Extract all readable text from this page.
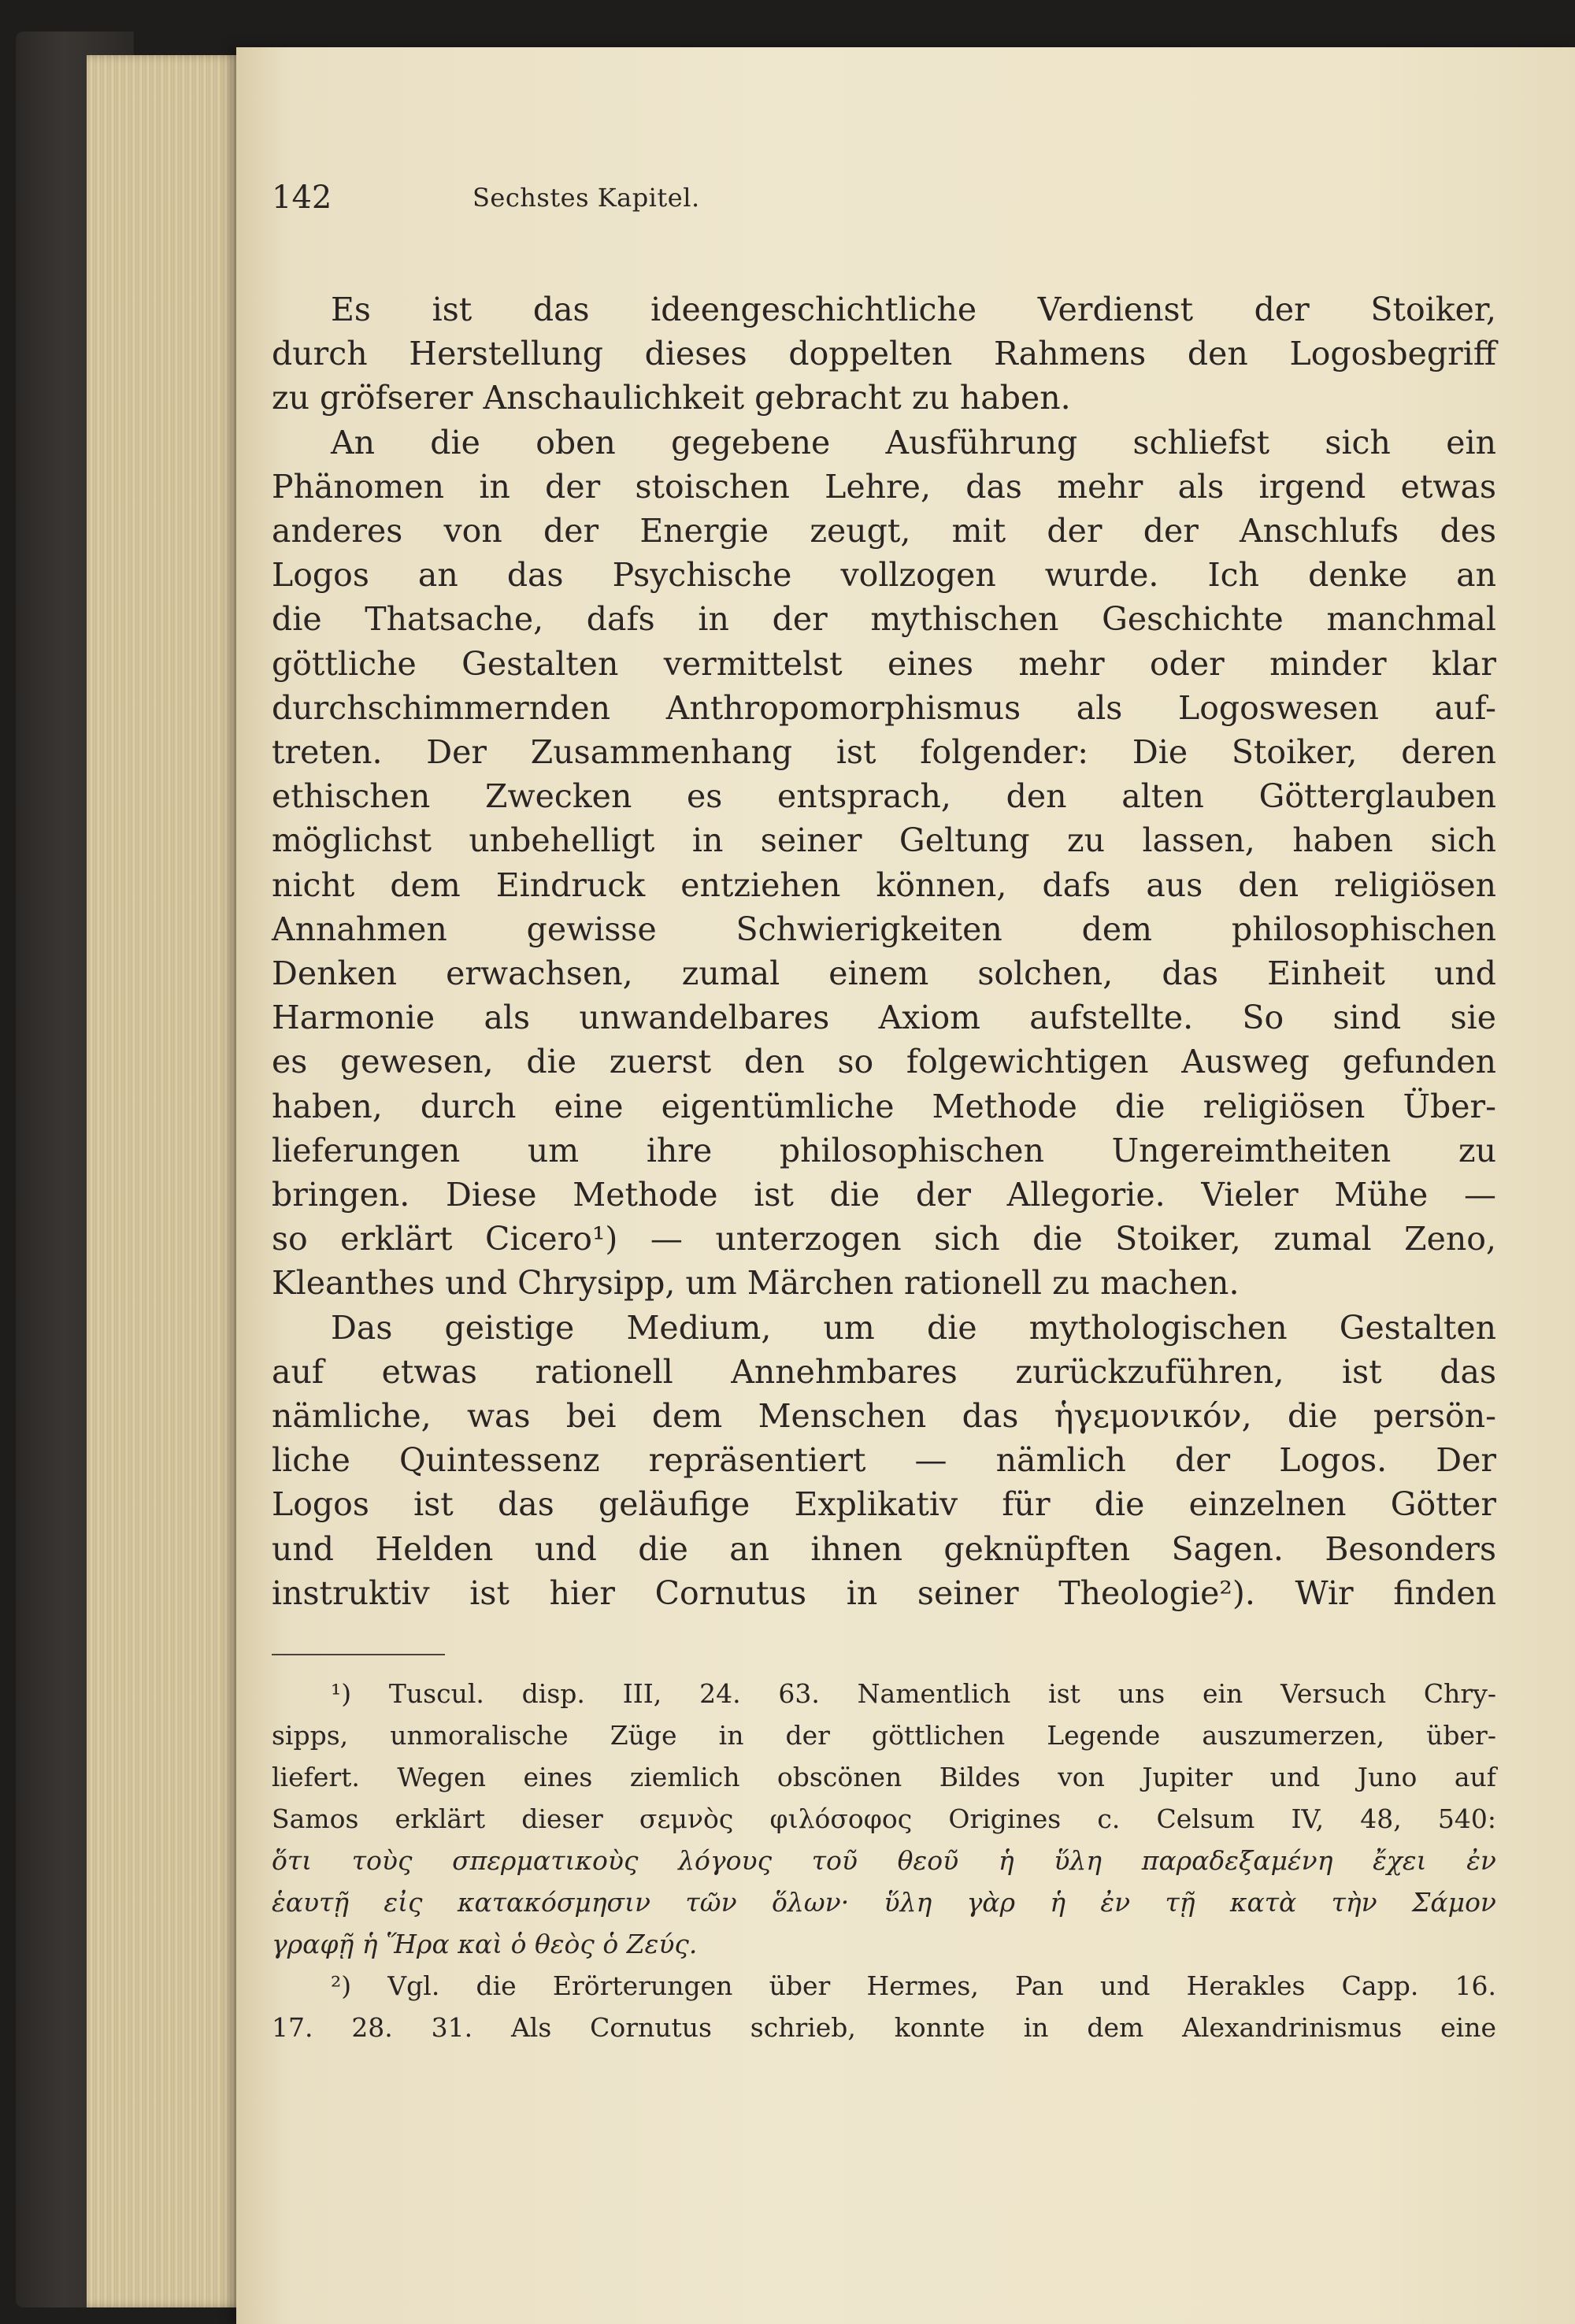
142	Sechstes Kapitel.
Es ist das ideengeschichtliche Verdienst der Stoiker,
durch Herstellung dieses doppelten Rahmens den Logosbegriff
zu gröfserer Anschaulichkeit gebracht zu haben.
An die oben gegebene Ausführung schliefst sich ein
Phänomen in der stoischen Lehre, das mehr als irgend etwas
anderes von der Energie zeugt, mit der der Anschlufs des
Logos an das Psychische vollzogen wurde. Ich denke an
die Thatsache, dafs in der mythischen Geschichte manchmal
göttliche Gestalten vermittelst eines mehr oder minder klar
durchschimmernden Anthropomorphismus als Logoswesen auf-
treten. Der Zusammenhang ist folgender: Die Stoiker, deren
ethischen Zwecken es entsprach, den alten Götterglauben
möglichst unbehelligt in seiner Geltung zu lassen, haben sich
nicht dem Eindruck entziehen können, dafs aus den religiösen
Annahmen gewisse Schwierigkeiten dem philosophischen
Denken erwachsen, zumal einem solchen, das Einheit und
Harmonie als unwandelbares Axiom aufstellte. So sind sie
es gewesen, die zuerst den so folgewichtigen Ausweg gefunden
haben, durch eine eigentümliche Methode die religiösen Über-
lieferungen um ihre philosophischen Ungereimtheiten zu
bringen. Diese Methode ist die der Allegorie. Vieler Mühe —
so erklärt Cicero¹) — unterzogen sich die Stoiker, zumal Zeno,
Kleanthes und Chrysipp, um Märchen rationell zu machen.
Das geistige Medium, um die mythologischen Gestalten
auf etwas rationell Annehmbares zurückzuführen, ist das
nämliche, was bei dem Menschen das ἡγεμονικόν, die persön-
liche Quintessenz repräsentiert — nämlich der Logos. Der
Logos ist das geläufige Explikativ für die einzelnen Götter
und Helden und die an ihnen geknüpften Sagen. Besonders
instruktiv ist hier Cornutus in seiner Theologie²). Wir finden
¹) Tuscul. disp. III, 24. 63. Namentlich ist uns ein Versuch Chry-
sipps, unmoralische Züge in der göttlichen Legende auszumerzen, über-
liefert. Wegen eines ziemlich obscönen Bildes von Jupiter und Juno auf
Samos erklärt dieser σεμνὸς φιλόσοφος Origines c. Celsum IV, 48, 540:
ὅτι τοὺς σπερματικοὺς λόγους τοῦ θεοῦ ἡ ὕλη παραδεξαμένη ἔχει ἐν
ἑαυτῇ εἰς κατακόσμησιν τῶν ὅλων· ὕλη γὰρ ἡ ἐν τῇ κατὰ τὴν Σάμον
γραφῇ ἡ Ἥρα καὶ ὁ θεὸς ὁ Ζεύς.
²) Vgl. die Erörterungen über Hermes, Pan und Herakles Capp. 16.
17. 28. 31. Als Cornutus schrieb, konnte in dem Alexandrinismus eine
